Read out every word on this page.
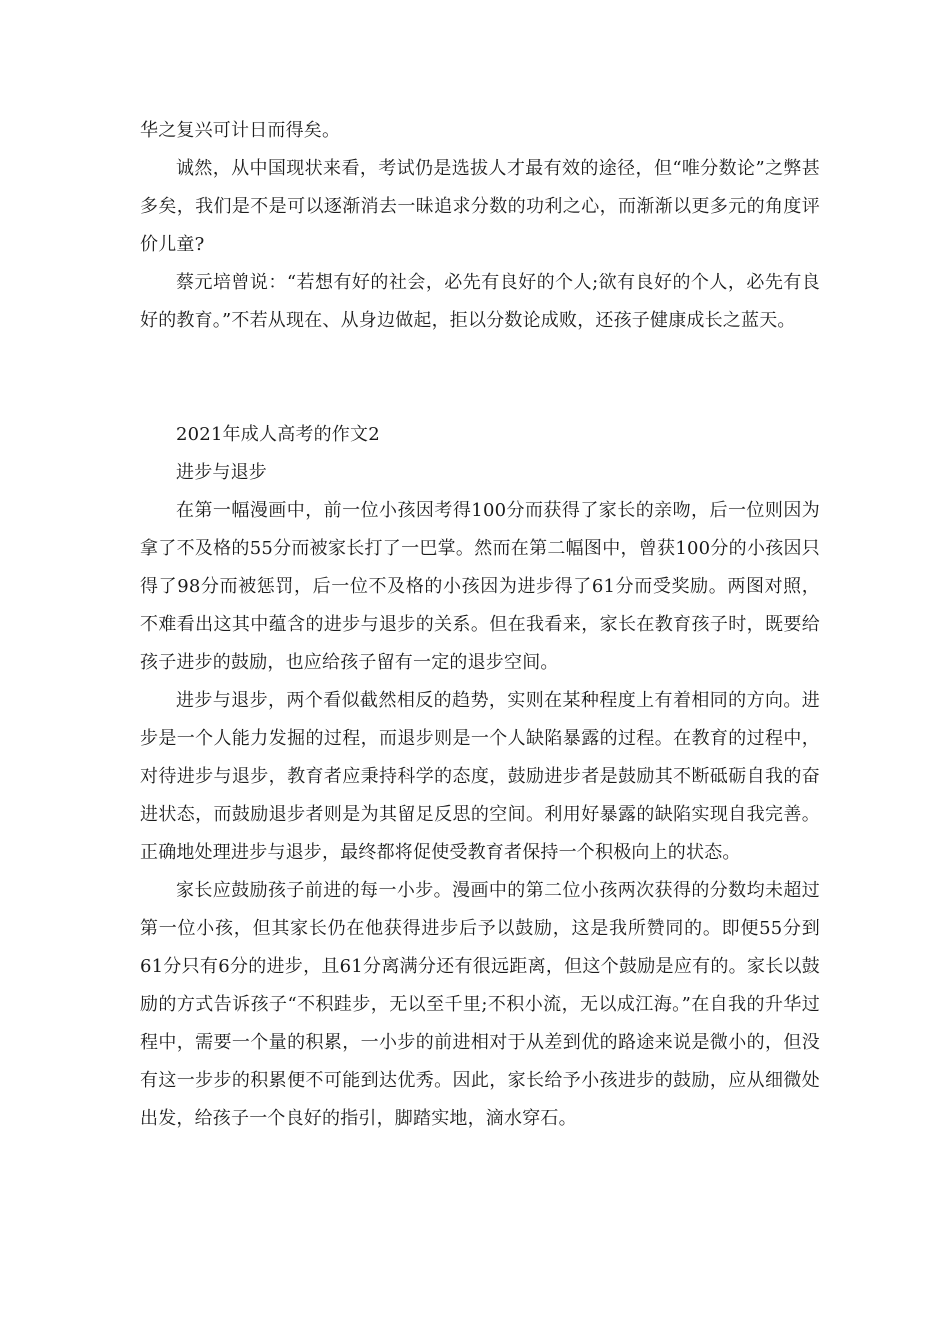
华之复兴可计日而得矣。

诚然，从中国现状来看，考试仍是选拔人才最有效的途径，但“唯分数论”之弊甚多矣，我们是不是可以逐渐消去一昧追求分数的功利之心，而渐渐以更多元的角度评价儿童?

蔡元培曾说：“若想有好的社会，必先有良好的个人;欲有良好的个人，必先有良好的教育。”不若从现在、从身边做起，拒以分数论成败，还孩子健康成长之蓝天。

2021年成人高考的作文2

进步与退步

在第一幅漫画中，前一位小孩因考得100分而获得了家长的亲吻，后一位则因为拿了不及格的55分而被家长打了一巴掌。然而在第二幅图中，曾获100分的小孩因只得了98分而被惩罚，后一位不及格的小孩因为进步得了61分而受奖励。两图对照，不难看出这其中蕴含的进步与退步的关系。但在我看来，家长在教育孩子时，既要给孩子进步的鼓励，也应给孩子留有一定的退步空间。

进步与退步，两个看似截然相反的趋势，实则在某种程度上有着相同的方向。进步是一个人能力发掘的过程，而退步则是一个人缺陷暴露的过程。在教育的过程中，对待进步与退步，教育者应秉持科学的态度，鼓励进步者是鼓励其不断砥砺自我的奋进状态，而鼓励退步者则是为其留足反思的空间。利用好暴露的缺陷实现自我完善。正确地处理进步与退步，最终都将促使受教育者保持一个积极向上的状态。

家长应鼓励孩子前进的每一小步。漫画中的第二位小孩两次获得的分数均未超过第一位小孩，但其家长仍在他获得进步后予以鼓励，这是我所赞同的。即便55分到61分只有6分的进步，且61分离满分还有很远距离，但这个鼓励是应有的。家长以鼓励的方式告诉孩子“不积跬步，无以至千里;不积小流，无以成江海。”在自我的升华过程中，需要一个量的积累，一小步的前进相对于从差到优的路途来说是微小的，但没有这一步步的积累便不可能到达优秀。因此，家长给予小孩进步的鼓励，应从细微处出发，给孩子一个良好的指引，脚踏实地，滴水穿石。
